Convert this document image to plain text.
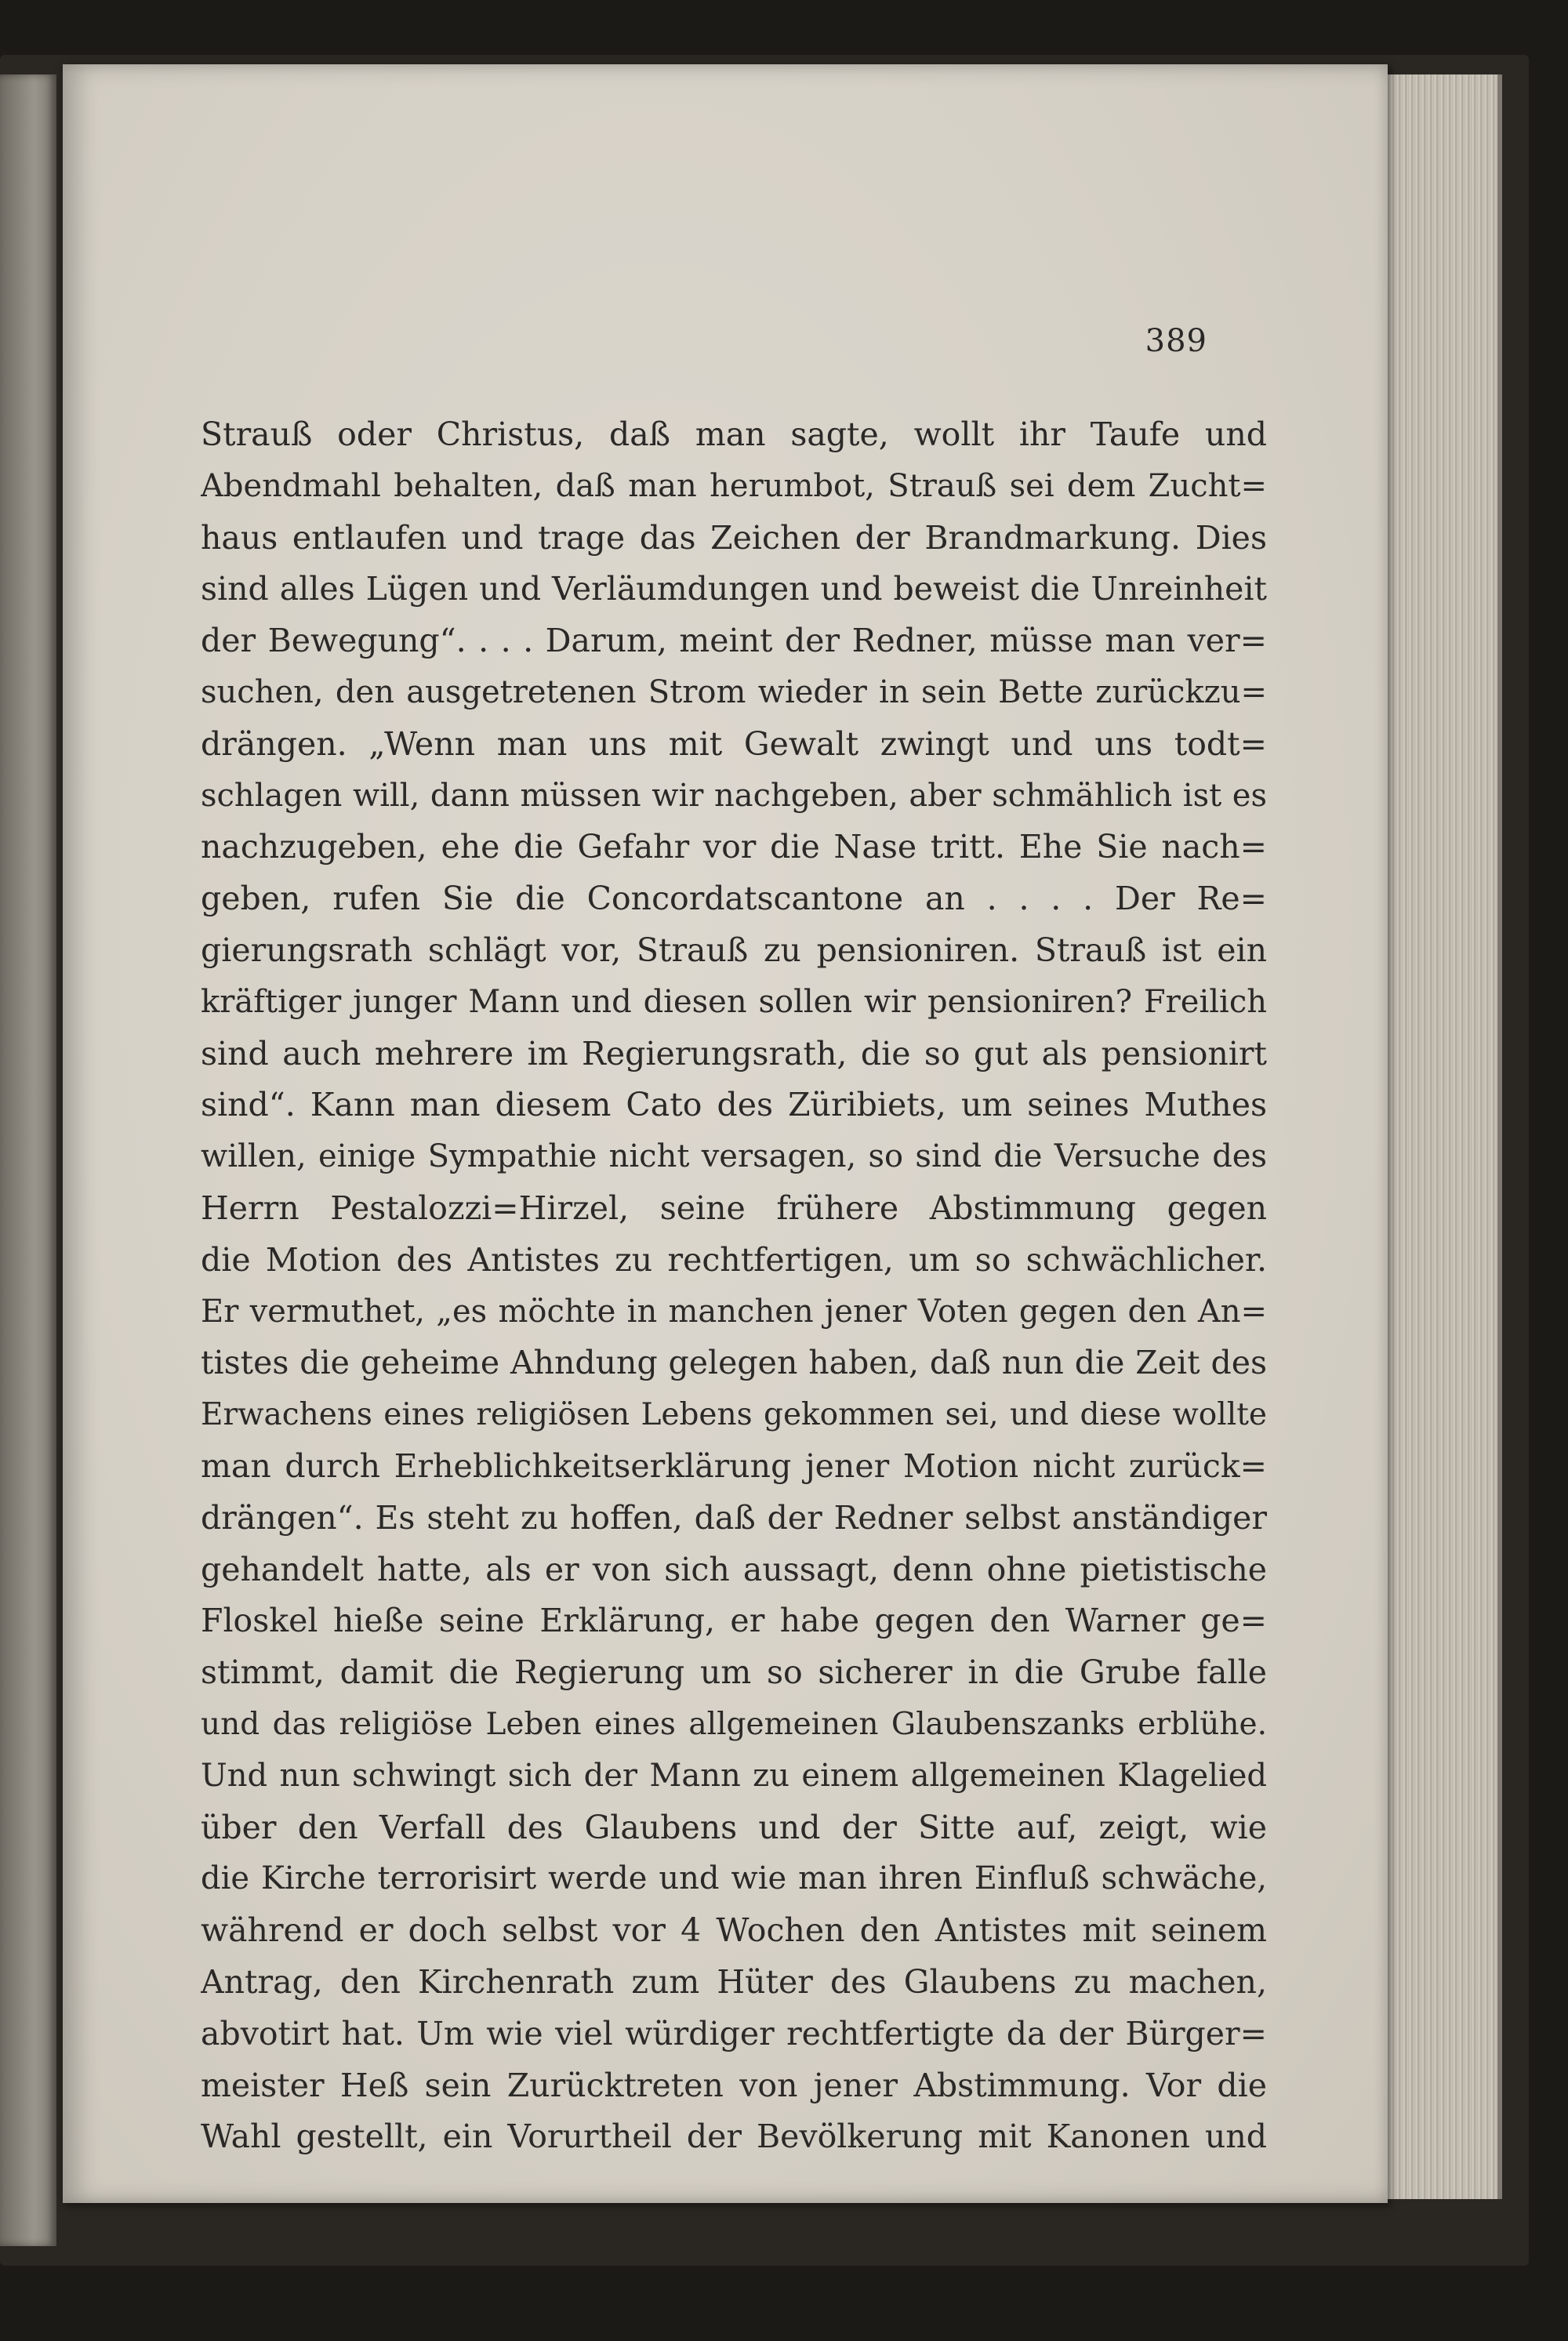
389
Strauß oder Christus, daß man sagte, wollt ihr Taufe und
Abendmahl behalten, daß man herumbot, Strauß sei dem Zucht=
haus entlaufen und trage das Zeichen der Brandmarkung. Dies
sind alles Lügen und Verläumdungen und beweist die Unreinheit
der Bewegung“. . . . Darum, meint der Redner, müsse man ver=
suchen, den ausgetretenen Strom wieder in sein Bette zurückzu=
drängen. „Wenn man uns mit Gewalt zwingt und uns todt=
schlagen will, dann müssen wir nachgeben, aber schmählich ist es
nachzugeben, ehe die Gefahr vor die Nase tritt. Ehe Sie nach=
geben, rufen Sie die Concordatscantone an . . . . Der Re=
gierungsrath schlägt vor, Strauß zu pensioniren. Strauß ist ein
kräftiger junger Mann und diesen sollen wir pensioniren? Freilich
sind auch mehrere im Regierungsrath, die so gut als pensionirt
sind“. Kann man diesem Cato des Züribiets, um seines Muthes
willen, einige Sympathie nicht versagen, so sind die Versuche des
Herrn Pestalozzi=Hirzel, seine frühere Abstimmung gegen
die Motion des Antistes zu rechtfertigen, um so schwächlicher.
Er vermuthet, „es möchte in manchen jener Voten gegen den An=
tistes die geheime Ahndung gelegen haben, daß nun die Zeit des
Erwachens eines religiösen Lebens gekommen sei, und diese wollte
man durch Erheblichkeitserklärung jener Motion nicht zurück=
drängen“. Es steht zu hoffen, daß der Redner selbst anständiger
gehandelt hatte, als er von sich aussagt, denn ohne pietistische
Floskel hieße seine Erklärung, er habe gegen den Warner ge=
stimmt, damit die Regierung um so sicherer in die Grube falle
und das religiöse Leben eines allgemeinen Glaubenszanks erblühe.
Und nun schwingt sich der Mann zu einem allgemeinen Klagelied
über den Verfall des Glaubens und der Sitte auf, zeigt, wie
die Kirche terrorisirt werde und wie man ihren Einfluß schwäche,
während er doch selbst vor 4 Wochen den Antistes mit seinem
Antrag, den Kirchenrath zum Hüter des Glaubens zu machen,
abvotirt hat. Um wie viel würdiger rechtfertigte da der Bürger=
meister Heß sein Zurücktreten von jener Abstimmung. Vor die
Wahl gestellt, ein Vorurtheil der Bevölkerung mit Kanonen und
